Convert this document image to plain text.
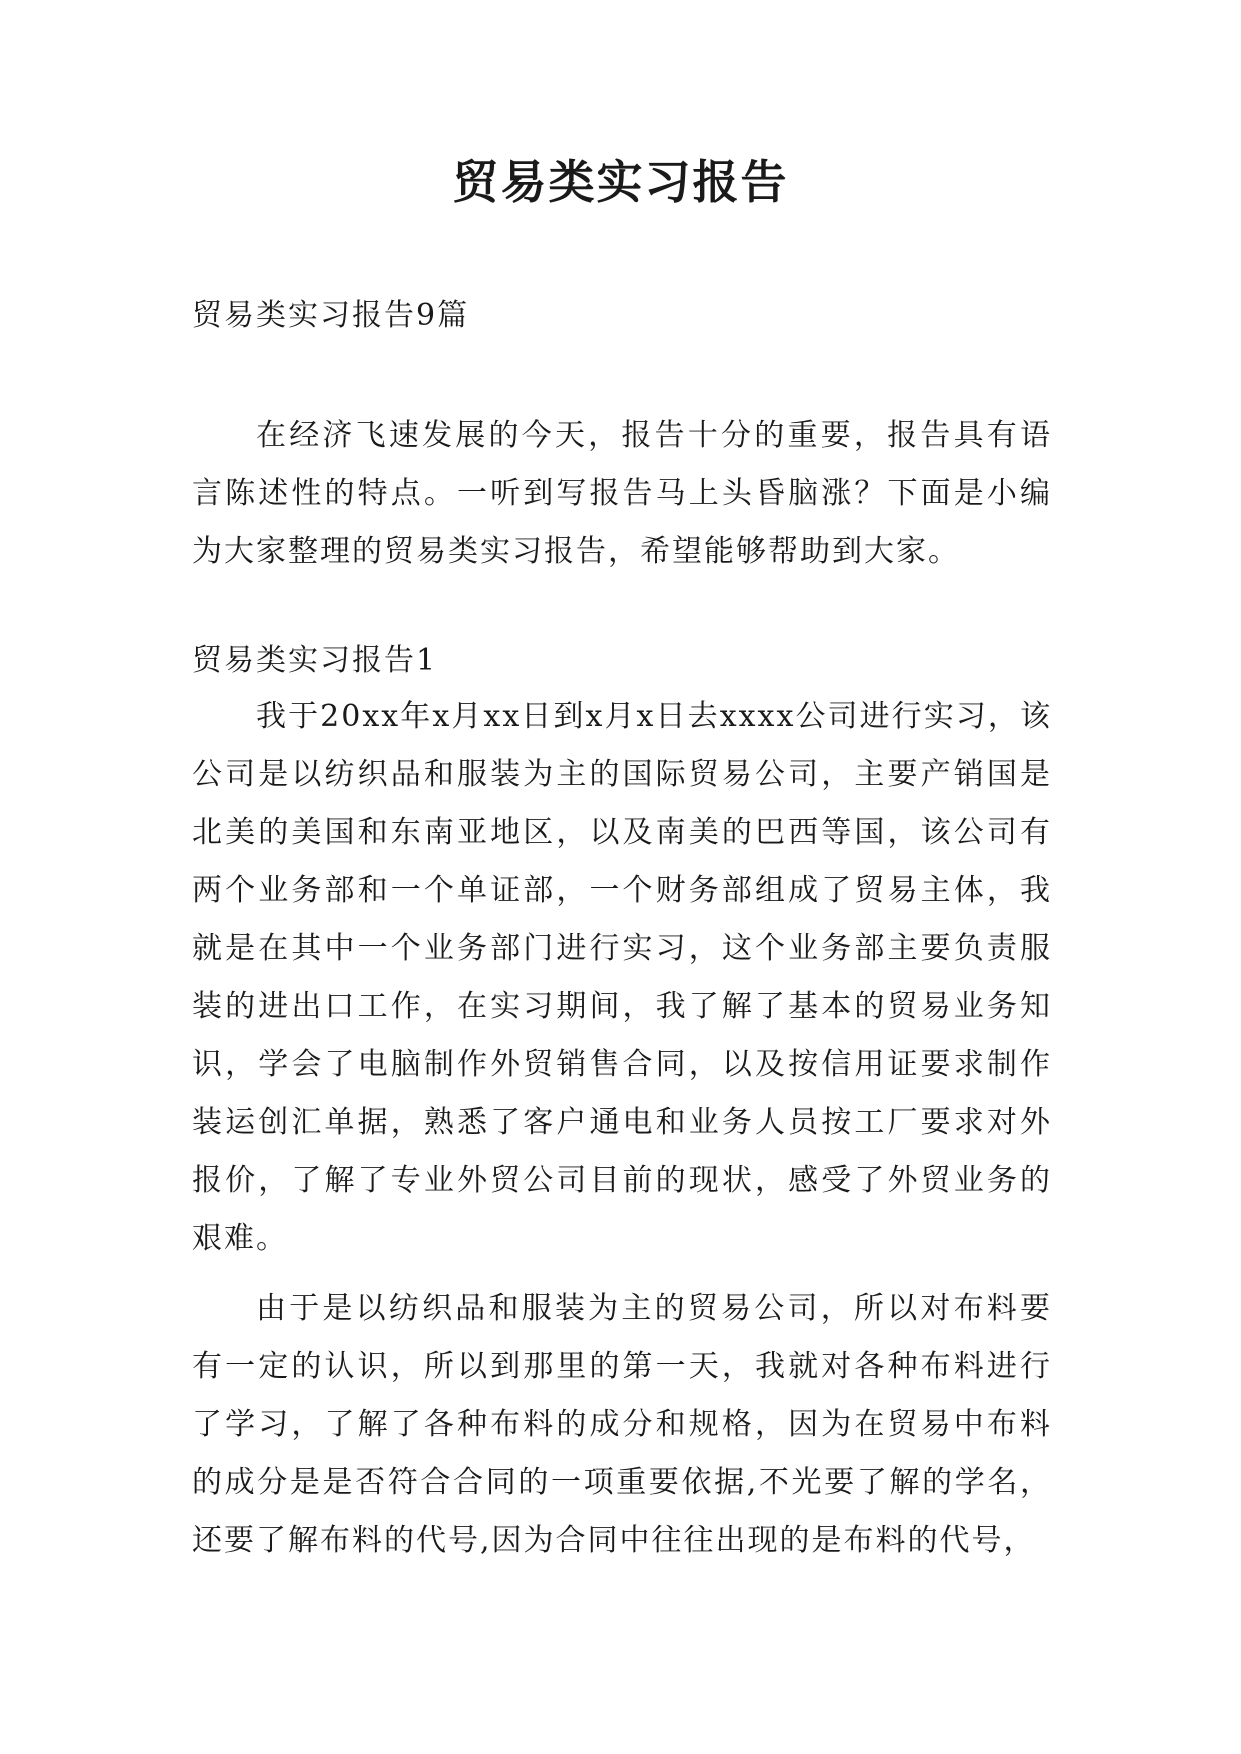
贸易类实习报告

贸易类实习报告9篇

在经济飞速发展的今天，报告十分的重要，报告具有语言陈述性的特点。一听到写报告马上头昏脑涨？下面是小编为大家整理的贸易类实习报告，希望能够帮助到大家。

贸易类实习报告1

我于20xx年x月xx日到x月x日去xxxx公司进行实习，该公司是以纺织品和服装为主的国际贸易公司，主要产销国是北美的美国和东南亚地区，以及南美的巴西等国，该公司有两个业务部和一个单证部，一个财务部组成了贸易主体，我就是在其中一个业务部门进行实习，这个业务部主要负责服装的进出口工作，在实习期间，我了解了基本的贸易业务知识，学会了电脑制作外贸销售合同，以及按信用证要求制作装运创汇单据，熟悉了客户通电和业务人员按工厂要求对外报价，了解了专业外贸公司目前的现状，感受了外贸业务的艰难。

由于是以纺织品和服装为主的贸易公司，所以对布料要有一定的认识，所以到那里的第一天，我就对各种布料进行了学习，了解了各种布料的成分和规格，因为在贸易中布料的成分是是否符合合同的一项重要依据,不光要了解的学名，还要了解布料的代号,因为合同中往往出现的是布料的代号，
